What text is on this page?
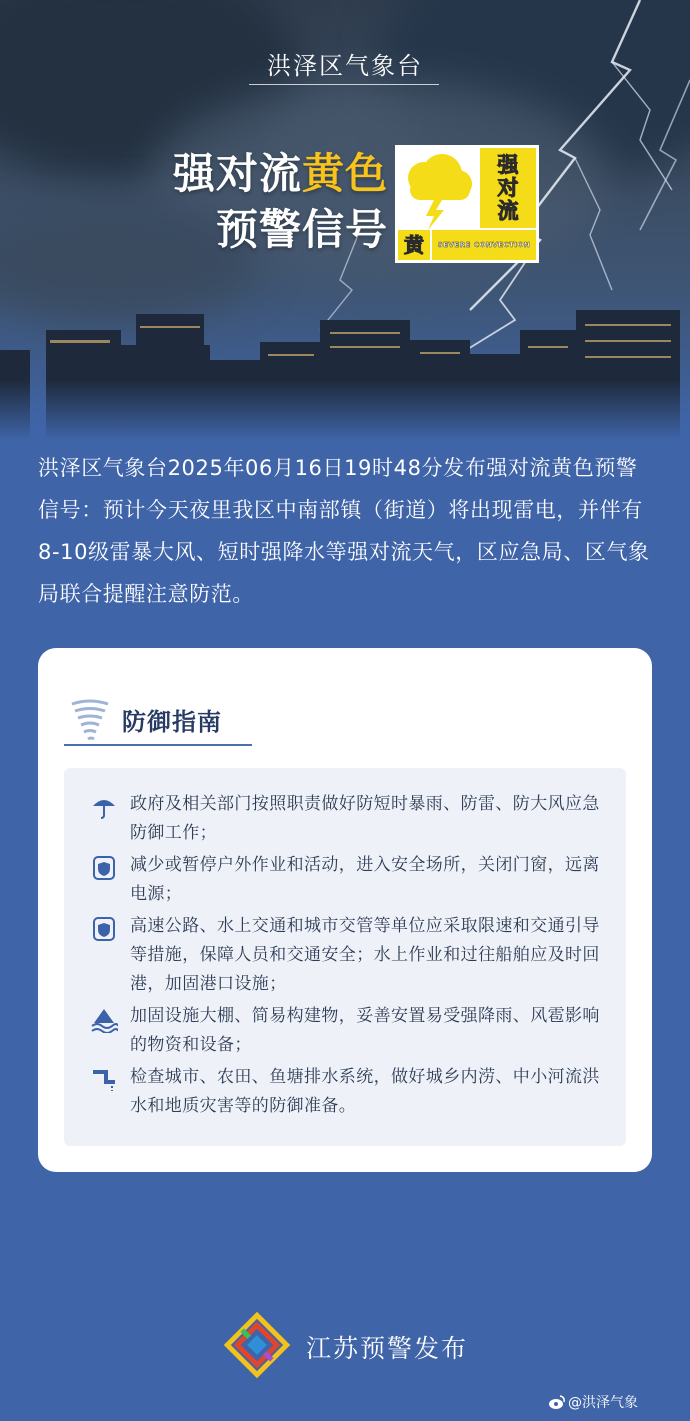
洪泽区气象台
强对流黄色
预警信号
强
对
流
黄	SEVERE CONVECTION
洪泽区气象台2025年06月16日19时48分发布强对流黄色预警信号：预计今天夜里我区中南部镇（街道）将出现雷电，并伴有8-10级雷暴大风、短时强降水等强对流天气，区应急局、区气象局联合提醒注意防范。
防御指南
政府及相关部门按照职责做好防短时暴雨、防雷、防大风应急防御工作；
减少或暂停户外作业和活动，进入安全场所，关闭门窗，远离电源；
高速公路、水上交通和城市交管等单位应采取限速和交通引导等措施，保障人员和交通安全；水上作业和过往船舶应及时回港，加固港口设施；
加固设施大棚、简易构建物，妥善安置易受强降雨、风雹影响的物资和设备；
检查城市、农田、鱼塘排水系统，做好城乡内涝、中小河流洪水和地质灾害等的防御准备。
江苏预警发布
@洪泽气象
